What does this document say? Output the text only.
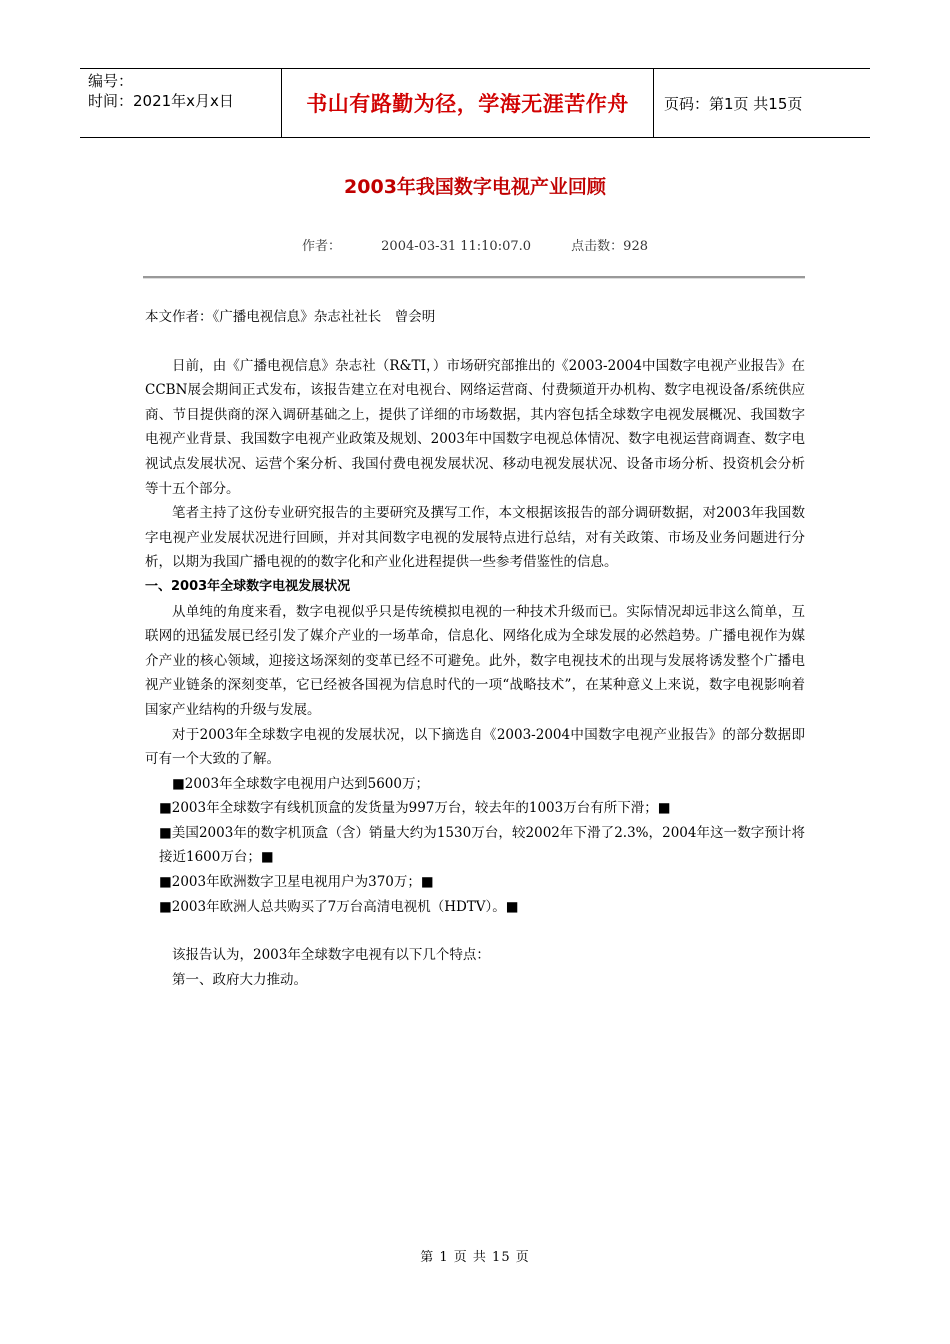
编号：
时间：2021年x月x日	书山有路勤为径，学海无涯苦作舟	页码：第1页 共15页
2003年我国数字电视产业回顾
作者：	2004-03-31 11:10:07.0	点击数：928

本文作者：《广播电视信息》杂志社社长　曾会明

日前，由《广播电视信息》杂志社（R&TI，）市场研究部推出的《2003-2004中国数字电视产业报告》在CCBN展会期间正式发布，该报告建立在对电视台、网络运营商、付费频道开办机构、数字电视设备/系统供应商、节目提供商的深入调研基础之上，提供了详细的市场数据，其内容包括全球数字电视发展概况、我国数字电视产业背景、我国数字电视产业政策及规划、2003年中国数字电视总体情况、数字电视运营商调查、数字电视试点发展状况、运营个案分析、我国付费电视发展状况、移动电视发展状况、设备市场分析、投资机会分析等十五个部分。

笔者主持了这份专业研究报告的主要研究及撰写工作，本文根据该报告的部分调研数据，对2003年我国数字电视产业发展状况进行回顾，并对其间数字电视的发展特点进行总结，对有关政策、市场及业务问题进行分析，以期为我国广播电视的的数字化和产业化进程提供一些参考借鉴性的信息。

一、2003年全球数字电视发展状况

从单纯的角度来看，数字电视似乎只是传统模拟电视的一种技术升级而已。实际情况却远非这么简单，互联网的迅猛发展已经引发了媒介产业的一场革命，信息化、网络化成为全球发展的必然趋势。广播电视作为媒介产业的核心领域，迎接这场深刻的变革已经不可避免。此外，数字电视技术的出现与发展将诱发整个广播电视产业链条的深刻变革，它已经被各国视为信息时代的一项“战略技术”，在某种意义上来说，数字电视影响着国家产业结构的升级与发展。

对于2003年全球数字电视的发展状况，以下摘选自《2003-2004中国数字电视产业报告》的部分数据即可有一个大致的了解。

■2003年全球数字电视用户达到5600万；

■2003年全球数字有线机顶盒的发货量为997万台，较去年的1003万台有所下滑；■

■美国2003年的数字机顶盒（含）销量大约为1530万台，较2002年下滑了2.3%，2004年这一数字预计将接近1600万台；■

■2003年欧洲数字卫星电视用户为370万；■

■2003年欧洲人总共购买了7万台高清电视机（HDTV）。■

该报告认为，2003年全球数字电视有以下几个特点：

第一、政府大力推动。

第 1 页 共 15 页
